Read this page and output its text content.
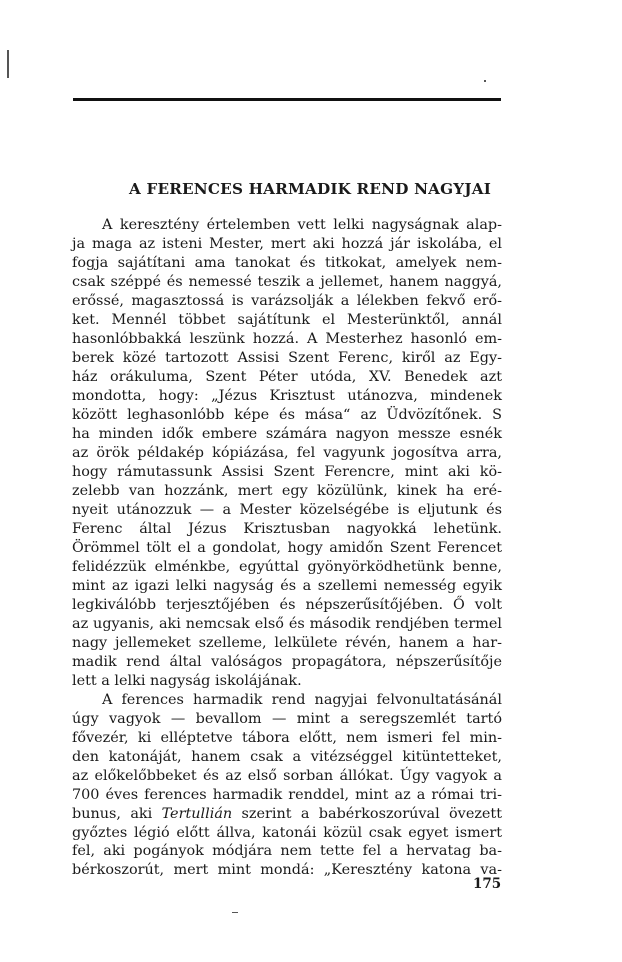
A FERENCES HARMADIK REND NAGYJAI

A keresztény értelemben vett lelki nagyságnak alap-
ja maga az isteni Mester, mert aki hozzá jár iskolába, el
fogja sajátítani ama tanokat és titkokat, amelyek nem-
csak széppé és nemessé teszik a jellemet, hanem naggyá,
erőssé, magasztossá is varázsolják a lélekben fekvő erő-
ket. Mennél többet sajátítunk el Mesterünktől, annál
hasonlóbbakká leszünk hozzá. A Mesterhez hasonló em-
berek közé tartozott Assisi Szent Ferenc, kiről az Egy-
ház orákuluma, Szent Péter utóda, XV. Benedek azt
mondotta, hogy: „Jézus Krisztust utánozva, mindenek
között leghasonlóbb képe és mása“ az Üdvözítőnek. S
ha minden idők embere számára nagyon messze esnék
az örök példakép kópiázása, fel vagyunk jogosítva arra,
hogy rámutassunk Assisi Szent Ferencre, mint aki kö-
zelebb van hozzánk, mert egy közülünk, kinek ha eré-
nyeit utánozzuk — a Mester közelségébe is eljutunk és
Ferenc által Jézus Krisztusban nagyokká lehetünk.
Örömmel tölt el a gondolat, hogy amidőn Szent Ferencet
felidézzük elménkbe, egyúttal gyönyörködhetünk benne,
mint az igazi lelki nagyság és a szellemi nemesség egyik
legkiválóbb terjesztőjében és népszerűsítőjében. Ő volt
az ugyanis, aki nemcsak első és második rendjében termel
nagy jellemeket szelleme, lelkülete révén, hanem a har-
madik rend által valóságos propagátora, népszerűsítője
lett a lelki nagyság iskolájának.

A ferences harmadik rend nagyjai felvonultatásánál
úgy vagyok — bevallom — mint a seregszemlét tartó
fővezér, ki elléptetve tábora előtt, nem ismeri fel min-
den katonáját, hanem csak a vitézséggel kitüntetteket,
az előkelőbbeket és az első sorban állókat. Úgy vagyok a
700 éves ferences harmadik renddel, mint az a római tri-
bunus, aki Tertullián szerint a babérkoszorúval övezett
győztes légió előtt állva, katonái közül csak egyet ismert
fel, aki pogányok módjára nem tette fel a hervatag ba-
bérkoszorút, mert mint mondá: „Keresztény katona va-

175
